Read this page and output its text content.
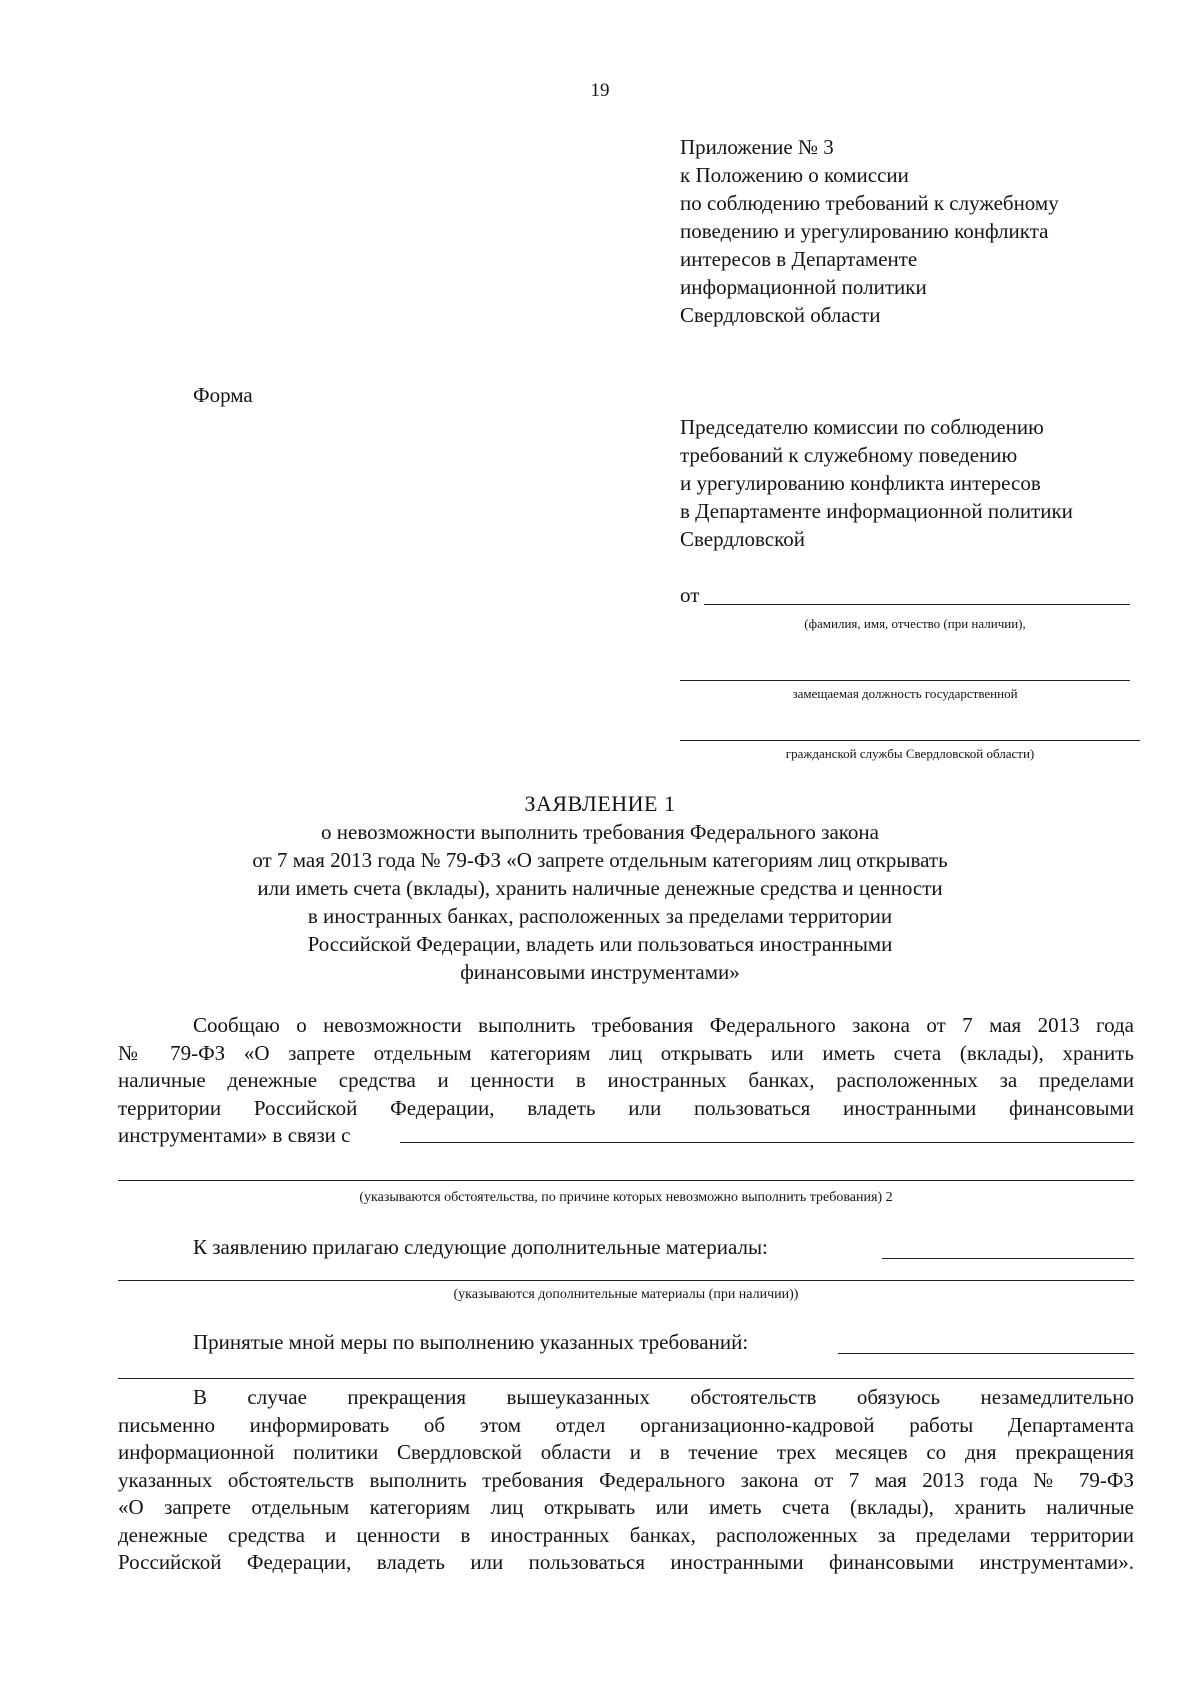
19
Приложение № 3
к Положению о комиссии
по соблюдению требований к служебному
поведению и урегулированию конфликта
интересов в Департаменте
информационной политики
Свердловской области
Форма
Председателю комиссии по соблюдению
требований к служебному поведению
и урегулированию конфликта интересов
в Департаменте информационной политики
Свердловской
от
(фамилия, имя, отчество (при наличии),
замещаемая должность государственной
гражданской службы Свердловской области)
ЗАЯВЛЕНИЕ 1
о невозможности выполнить требования Федерального закона
от 7 мая 2013 года № 79-ФЗ «О запрете отдельным категориям лиц открывать
или иметь счета (вклады), хранить наличные денежные средства и ценности
в иностранных банках, расположенных за пределами территории
Российской Федерации, владеть или пользоваться иностранными
финансовыми инструментами»
Сообщаю о невозможности выполнить требования Федерального закона от 7 мая 2013 года
№ 79-ФЗ «О запрете отдельным категориям лиц открывать или иметь счета (вклады), хранить
наличные денежные средства и ценности в иностранных банках, расположенных за пределами
территории Российской Федерации, владеть или пользоваться иностранными финансовыми
инструментами» в связи с
(указываются обстоятельства, по причине которых невозможно выполнить требования) 2
К заявлению прилагаю следующие дополнительные материалы:
(указываются дополнительные материалы (при наличии))
Принятые мной меры по выполнению указанных требований:
В случае прекращения вышеуказанных обстоятельств обязуюсь незамедлительно
письменно информировать об этом отдел организационно-кадровой работы Департамента
информационной политики Свердловской области и в течение трех месяцев со дня прекращения
указанных обстоятельств выполнить требования Федерального закона от 7 мая 2013 года № 79-ФЗ
«О запрете отдельным категориям лиц открывать или иметь счета (вклады), хранить наличные
денежные средства и ценности в иностранных банках, расположенных за пределами территории
Российской Федерации, владеть или пользоваться иностранными финансовыми инструментами».
